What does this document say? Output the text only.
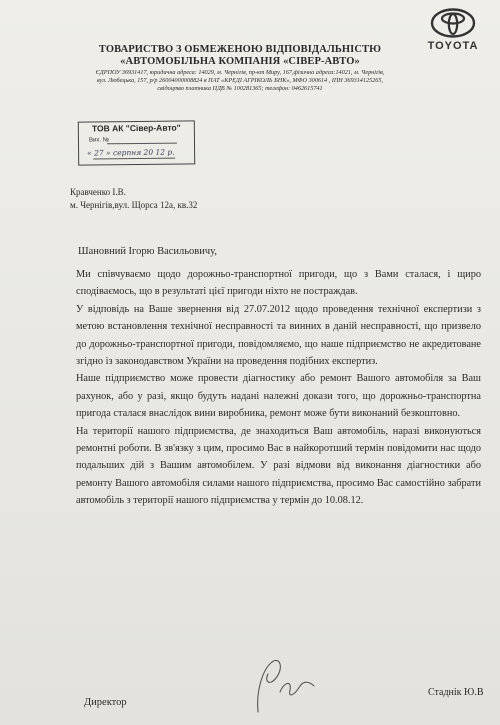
ТОВАРИСТВО З ОБМЕЖЕНОЮ ВІДПОВІДАЛЬНІСТЮ
«АВТОМОБІЛЬНА КОМПАНІЯ «СІВЕР-АВТО»
ЄДРПОУ 36931417, юридична адреса: 14029, м. Чернігів, пр-кт Миру, 167,фізична адреса:14021, м. Чернігів,
вул. Любецька, 157, р/р 26004000008824 в ПАТ «КРЕДІ АГРІКОЛЬ БНК», МФО 300614 , ІПН 369314125265,
свідоцтво платника ПДВ № 100281365; телефон: 0462615741
TOYOTA
ТОВ АК "Сівер-Авто"
Вих. №
« 27 » серпня 20 12 р.
Кравченко І.В.
м. Чернігів,вул. Щорса 12а, кв.32
Шановний Ігорю Васильовичу,

Ми співчуваємо щодо дорожньо-транспортної пригоди, що з Вами сталася, і щиро сподіваємось, що в результаті цієї пригоди ніхто не постраждав.

У відповідь на Ваше звернення від 27.07.2012 щодо проведення технічної експертизи з метою встановлення технічної несправності та винних в даній несправності, що призвело до дорожньо-транспортної пригоди, повідомляємо, що наше підприємство не акредитоване згідно із законодавством України на проведення подібних експертиз.

Наше підприємство може провести діагностику або ремонт Вашого автомобіля за Ваш рахунок, або у разі, якщо будуть надані належні докази того, що дорожньо-транспортна пригода сталася внаслідок вини виробника, ремонт може бути виконаний безкоштовно.

На території нашого підприємства, де знаходиться Ваш автомобіль, наразі виконуються ремонтні роботи. В зв'язку з цим, просимо Вас в найкоротший термін повідомити нас щодо подальших дій з Вашим автомобілем. У разі відмови від виконання діагностики або ремонту Вашого автомобіля силами нашого підприємства, просимо Вас самостійно забрати автомобіль з території нашого підприємства у термін до 10.08.12.

Директор
Стаднік Ю.В
